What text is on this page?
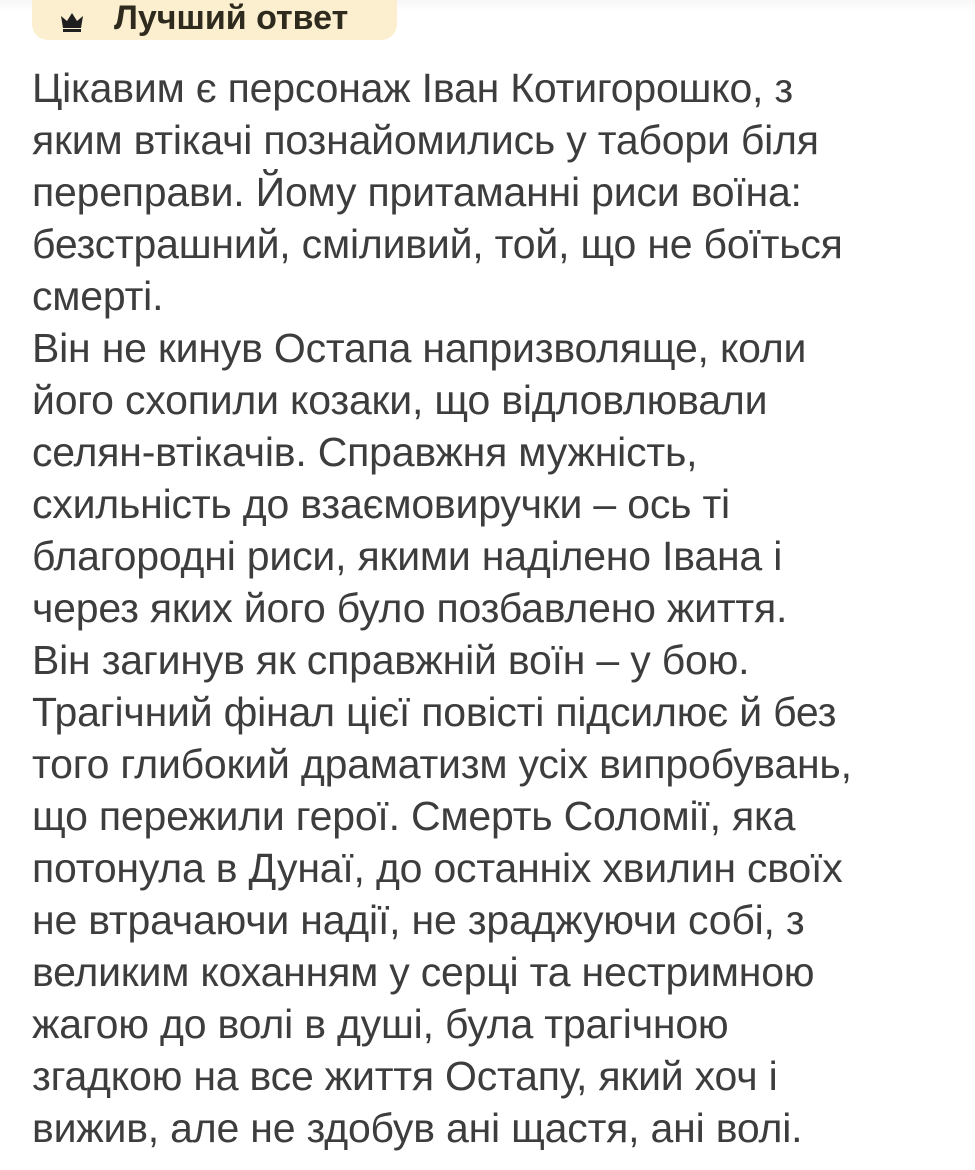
Лучший ответ
Цікавим є персонаж Іван Котигорошко, з
яким втікачі познайомились у табори біля
переправи. Йому притаманні риси воїна:
безстрашний, сміливий, той, що не боїться
смерті.
Він не кинув Остапа напризволяще, коли
його схопили козаки, що відловлювали
селян-втікачів. Справжня мужність,
схильність до взаємовиручки – ось ті
благородні риси, якими наділено Івана і
через яких його було позбавлено життя.
Він загинув як справжній воїн – у бою.
Трагічний фінал цієї повісті підсилює й без
того глибокий драматизм усіх випробувань,
що пережили герої. Смерть Соломії, яка
потонула в Дунаї, до останніх хвилин своїх
не втрачаючи надії, не зраджуючи собі, з
великим коханням у серці та нестримною
жагою до волі в душі, була трагічною
згадкою на все життя Остапу, який хоч і
вижив, але не здобув ані щастя, ані волі.
